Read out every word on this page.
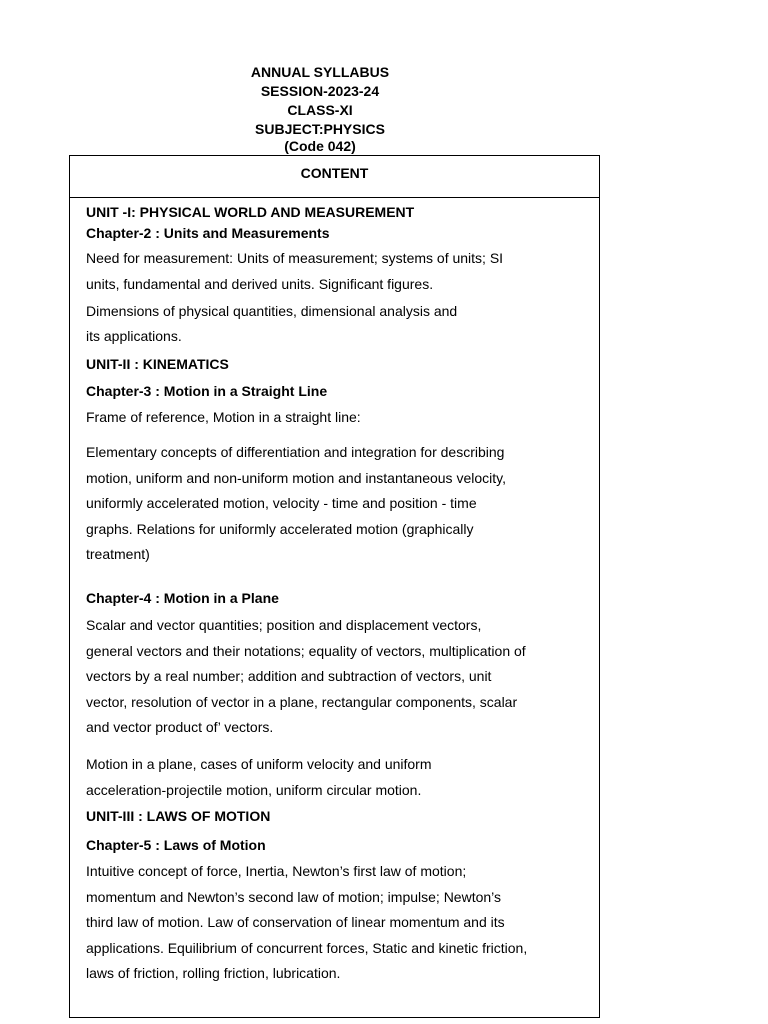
ANNUAL SYLLABUS
SESSION-2023-24
CLASS-XI
SUBJECT:PHYSICS
(Code 042)
CONTENT
UNIT -I: PHYSICAL WORLD AND MEASUREMENT
Chapter-2 : Units and Measurements
Need for measurement: Units of measurement; systems of units; SI
units, fundamental and derived units. Significant figures.
Dimensions of physical quantities, dimensional analysis and
its applications.
UNIT-II : KINEMATICS
Chapter-3 : Motion in a Straight Line
Frame of reference, Motion in a straight line:
Elementary concepts of differentiation and integration for describing
motion, uniform and non-uniform motion and instantaneous velocity,
uniformly accelerated motion, velocity - time and position - time
graphs. Relations for uniformly accelerated motion (graphically
treatment)
Chapter-4 : Motion in a Plane
Scalar and vector quantities; position and displacement vectors,
general vectors and their notations; equality of vectors, multiplication of
vectors by a real number; addition and subtraction of vectors, unit
vector, resolution of vector in a plane, rectangular components, scalar
and vector product of’ vectors.
Motion in a plane, cases of uniform velocity and uniform
acceleration-projectile motion, uniform circular motion.
UNIT-III : LAWS OF MOTION
Chapter-5 : Laws of Motion
Intuitive concept of force, Inertia, Newton’s first law of motion;
momentum and Newton’s second law of motion; impulse; Newton’s
third law of motion. Law of conservation of linear momentum and its
applications. Equilibrium of concurrent forces, Static and kinetic friction,
laws of friction, rolling friction, lubrication.
